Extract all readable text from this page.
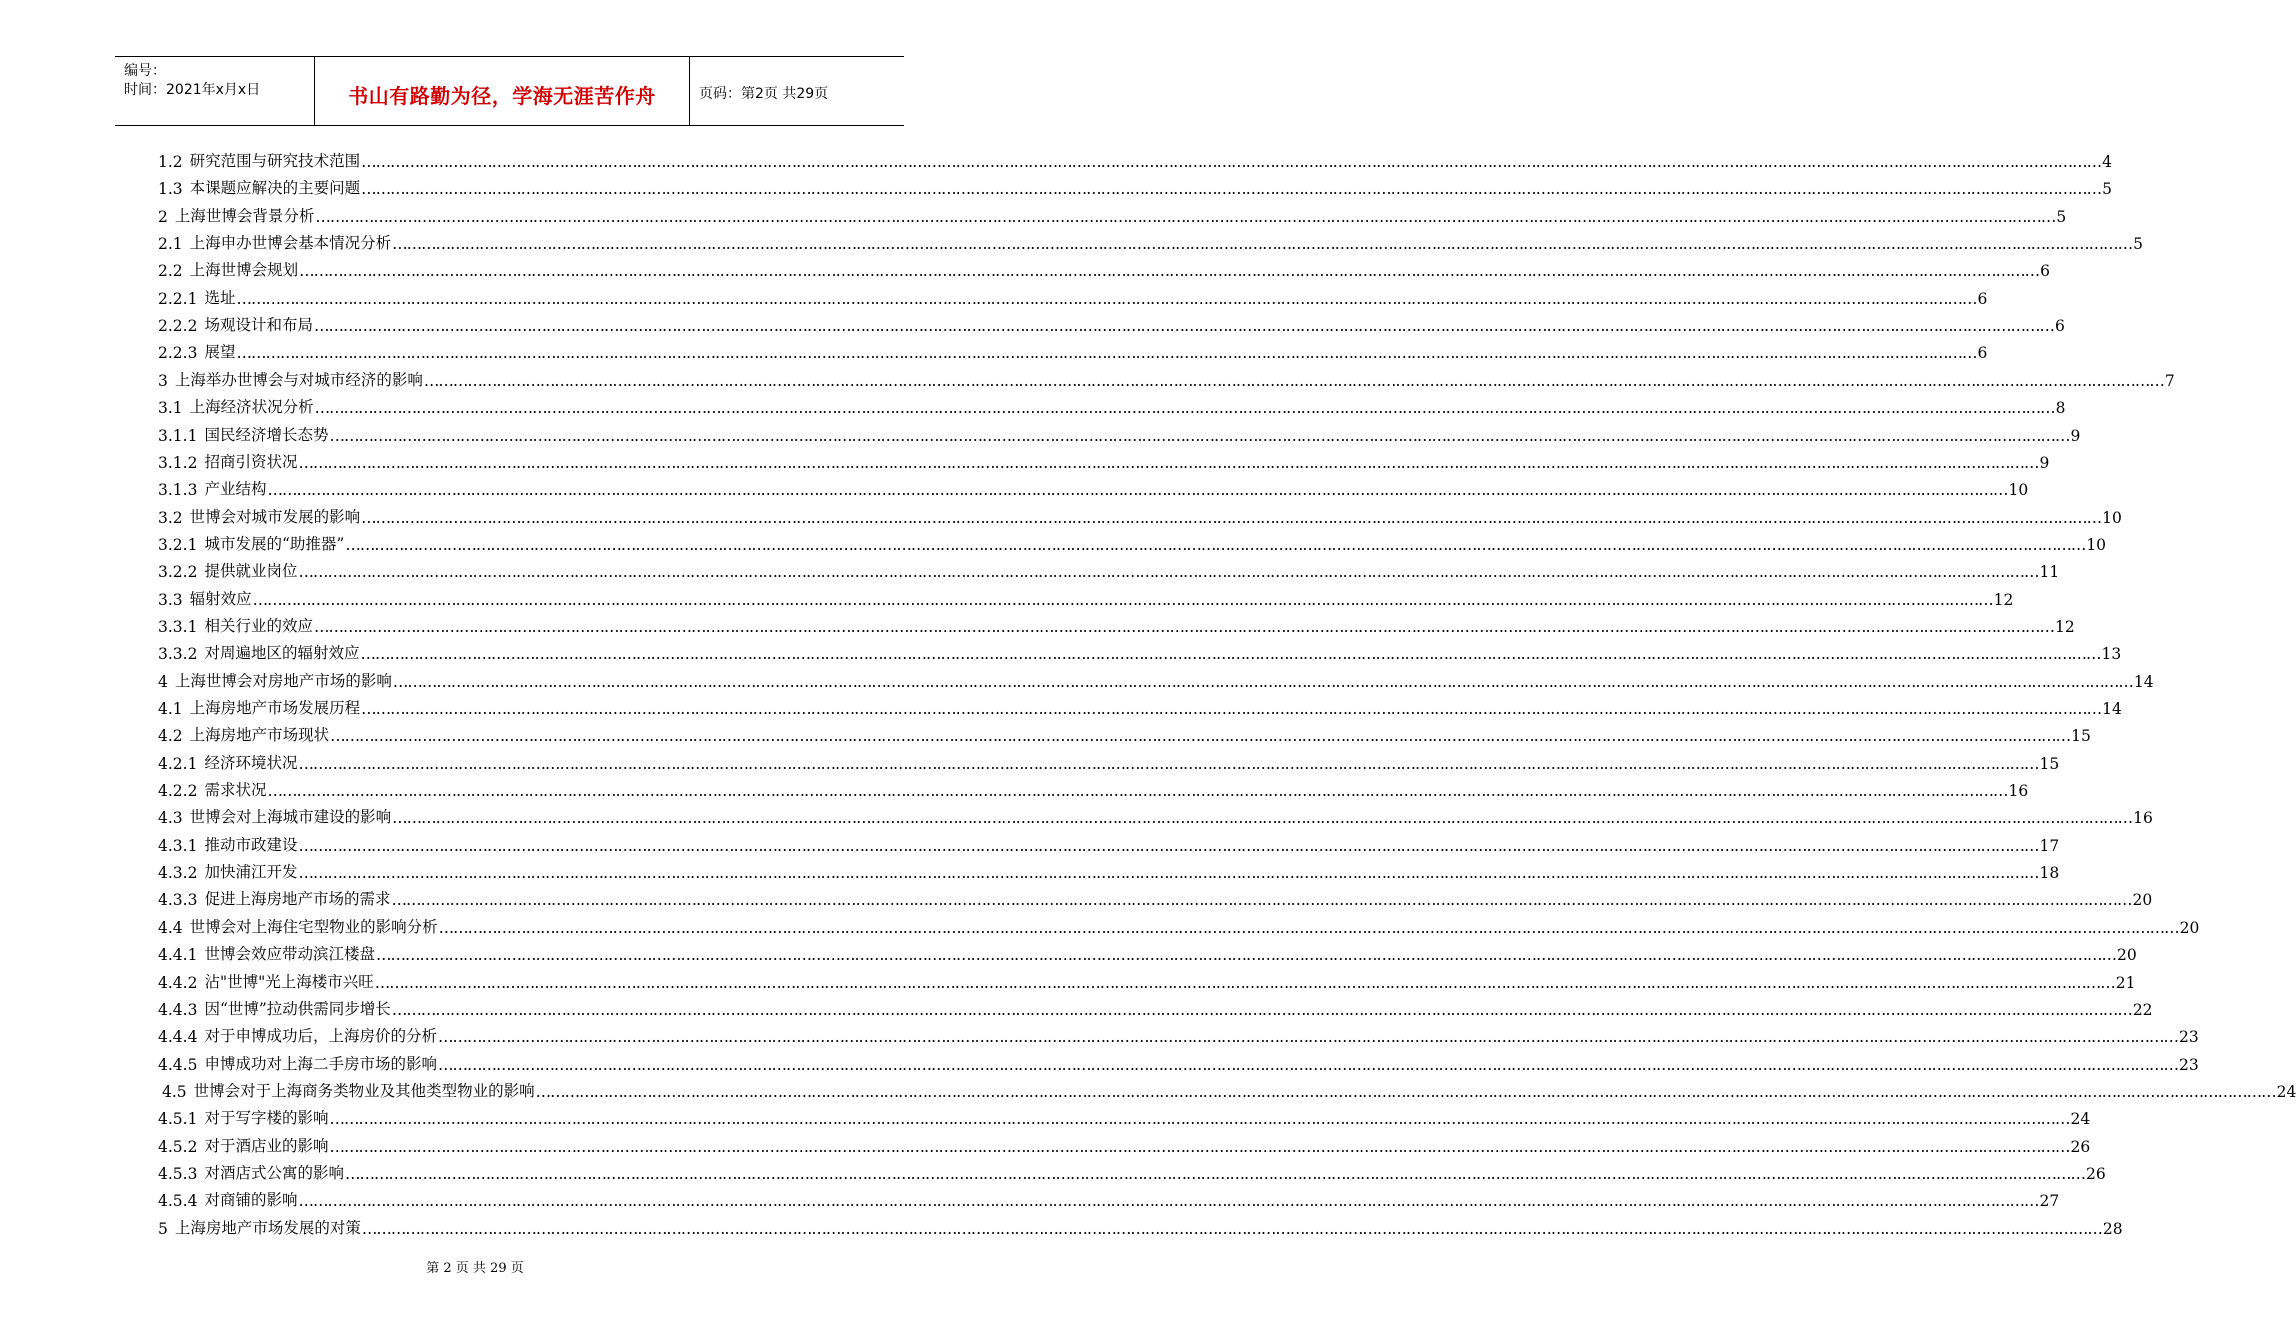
编号：
时间：2021年x月x日	书山有路勤为径，学海无涯苦作舟	页码：第2页 共29页
1.2 研究范围与研究技术范围 ……………………………………………………………………………………………………………………………………………………………………………………………………………………………………………………………………………………………………………………………… 4
1.3 本课题应解决的主要问题 ……………………………………………………………………………………………………………………………………………………………………………………………………………………………………………………………………………………………………………………………… 5
2 上海世博会背景分析 ……………………………………………………………………………………………………………………………………………………………………………………………………………………………………………………………………………………………………………………………… 5
2.1 上海申办世博会基本情况分析 ……………………………………………………………………………………………………………………………………………………………………………………………………………………………………………………………………………………………………………………………… 5
2.2 上海世博会规划 ……………………………………………………………………………………………………………………………………………………………………………………………………………………………………………………………………………………………………………………………… 6
2.2.1 选址 ……………………………………………………………………………………………………………………………………………………………………………………………………………………………………………………………………………………………………………………………… 6
2.2.2 场观设计和布局 ……………………………………………………………………………………………………………………………………………………………………………………………………………………………………………………………………………………………………………………………… 6
2.2.3 展望 ……………………………………………………………………………………………………………………………………………………………………………………………………………………………………………………………………………………………………………………………… 6
3 上海举办世博会与对城市经济的影响 ……………………………………………………………………………………………………………………………………………………………………………………………………………………………………………………………………………………………………………………………… 7
3.1 上海经济状况分析 ……………………………………………………………………………………………………………………………………………………………………………………………………………………………………………………………………………………………………………………………… 8
3.1.1 国民经济增长态势 ……………………………………………………………………………………………………………………………………………………………………………………………………………………………………………………………………………………………………………………………… 9
3.1.2 招商引资状况 ……………………………………………………………………………………………………………………………………………………………………………………………………………………………………………………………………………………………………………………………… 9
3.1.3 产业结构 ……………………………………………………………………………………………………………………………………………………………………………………………………………………………………………………………………………………………………………………………… 10
3.2 世博会对城市发展的影响 ……………………………………………………………………………………………………………………………………………………………………………………………………………………………………………………………………………………………………………………………… 10
3.2.1 城市发展的“助推器” ……………………………………………………………………………………………………………………………………………………………………………………………………………………………………………………………………………………………………………………………… 10
3.2.2 提供就业岗位 ……………………………………………………………………………………………………………………………………………………………………………………………………………………………………………………………………………………………………………………………… 11
3.3 辐射效应 ……………………………………………………………………………………………………………………………………………………………………………………………………………………………………………………………………………………………………………………………… 12
3.3.1 相关行业的效应 ……………………………………………………………………………………………………………………………………………………………………………………………………………………………………………………………………………………………………………………………… 12
3.3.2 对周遍地区的辐射效应 ……………………………………………………………………………………………………………………………………………………………………………………………………………………………………………………………………………………………………………………………… 13
4 上海世博会对房地产市场的影响 ……………………………………………………………………………………………………………………………………………………………………………………………………………………………………………………………………………………………………………………………… 14
4.1 上海房地产市场发展历程 ……………………………………………………………………………………………………………………………………………………………………………………………………………………………………………………………………………………………………………………………… 14
4.2 上海房地产市场现状 ……………………………………………………………………………………………………………………………………………………………………………………………………………………………………………………………………………………………………………………………… 15
4.2.1 经济环境状况 ……………………………………………………………………………………………………………………………………………………………………………………………………………………………………………………………………………………………………………………………… 15
4.2.2 需求状况 ……………………………………………………………………………………………………………………………………………………………………………………………………………………………………………………………………………………………………………………………… 16
4.3 世博会对上海城市建设的影响 ……………………………………………………………………………………………………………………………………………………………………………………………………………………………………………………………………………………………………………………………… 16
4.3.1 推动市政建设 ……………………………………………………………………………………………………………………………………………………………………………………………………………………………………………………………………………………………………………………………… 17
4.3.2 加快浦江开发 ……………………………………………………………………………………………………………………………………………………………………………………………………………………………………………………………………………………………………………………………… 18
4.3.3 促进上海房地产市场的需求 ……………………………………………………………………………………………………………………………………………………………………………………………………………………………………………………………………………………………………………………………… 20
4.4 世博会对上海住宅型物业的影响分析 ……………………………………………………………………………………………………………………………………………………………………………………………………………………………………………………………………………………………………………………………… 20
4.4.1 世博会效应带动滨江楼盘 ……………………………………………………………………………………………………………………………………………………………………………………………………………………………………………………………………………………………………………………………… 20
4.4.2 沾"世博"光上海楼市兴旺 ……………………………………………………………………………………………………………………………………………………………………………………………………………………………………………………………………………………………………………………………… 21
4.4.3 因“世博”拉动供需同步增长 ……………………………………………………………………………………………………………………………………………………………………………………………………………………………………………………………………………………………………………………………… 22
4.4.4 对于申博成功后，上海房价的分析 ……………………………………………………………………………………………………………………………………………………………………………………………………………………………………………………………………………………………………………………………… 23
4.4.5 申博成功对上海二手房市场的影响 ……………………………………………………………………………………………………………………………………………………………………………………………………………………………………………………………………………………………………………………………… 23
4.5 世博会对于上海商务类物业及其他类型物业的影响 ……………………………………………………………………………………………………………………………………………………………………………………………………………………………………………………………………………………………………………………………… 24
4.5.1 对于写字楼的影响 ……………………………………………………………………………………………………………………………………………………………………………………………………………………………………………………………………………………………………………………………… 24
4.5.2 对于酒店业的影响 ……………………………………………………………………………………………………………………………………………………………………………………………………………………………………………………………………………………………………………………………… 26
4.5.3 对酒店式公寓的影响 ……………………………………………………………………………………………………………………………………………………………………………………………………………………………………………………………………………………………………………………………… 26
4.5.4 对商铺的影响 ……………………………………………………………………………………………………………………………………………………………………………………………………………………………………………………………………………………………………………………………… 27
5 上海房地产市场发展的对策 ……………………………………………………………………………………………………………………………………………………………………………………………………………………………………………………………………………………………………………………………… 28
第 2 页 共 29 页
